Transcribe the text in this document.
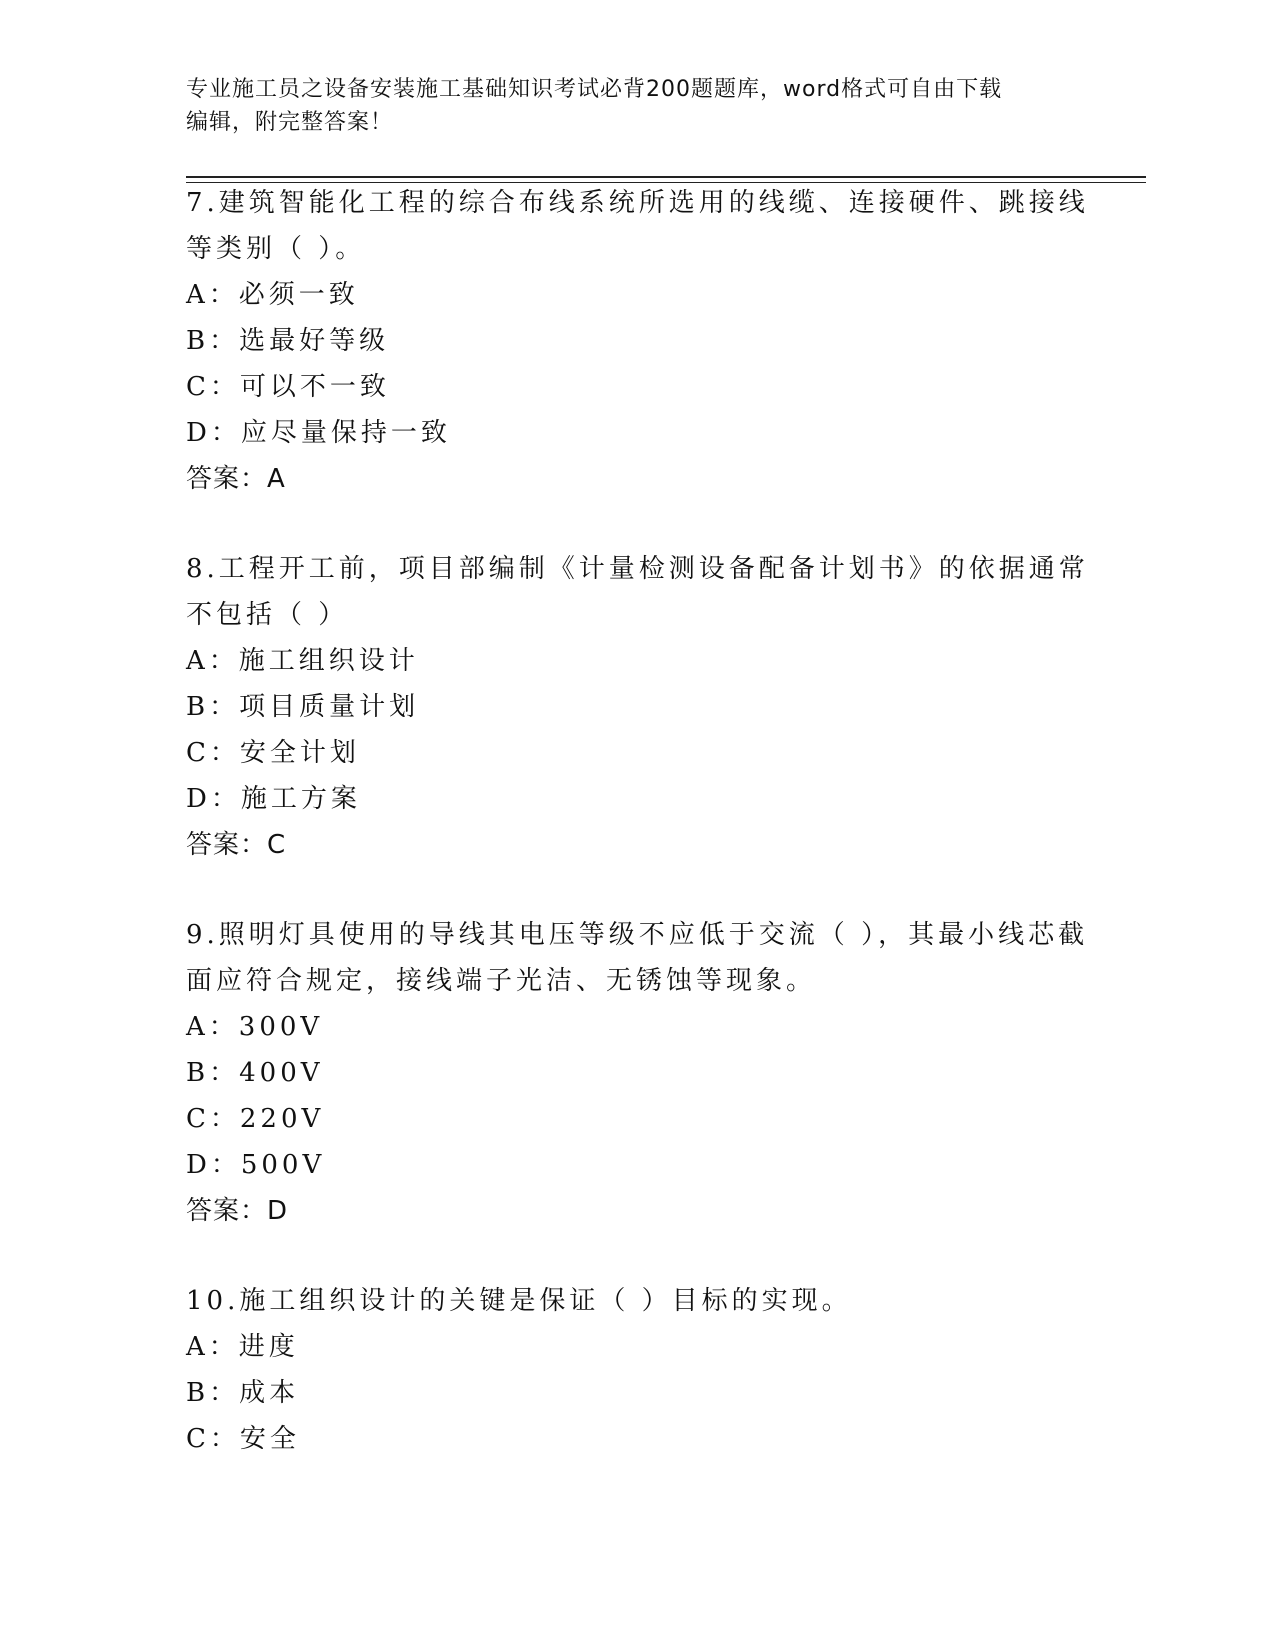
专业施工员之设备安装施工基础知识考试必背200题题库，word格式可自由下载
编辑，附完整答案！
7.建筑智能化工程的综合布线系统所选用的线缆、连接硬件、跳接线
等类别（ ）。
A：必须一致
B：选最好等级
C：可以不一致
D：应尽量保持一致
答案：A
8.工程开工前，项目部编制《计量检测设备配备计划书》的依据通常
不包括（ ）
A：施工组织设计
B：项目质量计划
C：安全计划
D：施工方案
答案：C
9.照明灯具使用的导线其电压等级不应低于交流（ ），其最小线芯截
面应符合规定，接线端子光洁、无锈蚀等现象。
A：300V
B：400V
C：220V
D：500V
答案：D
10.施工组织设计的关键是保证（ ）目标的实现。
A：进度
B：成本
C：安全
